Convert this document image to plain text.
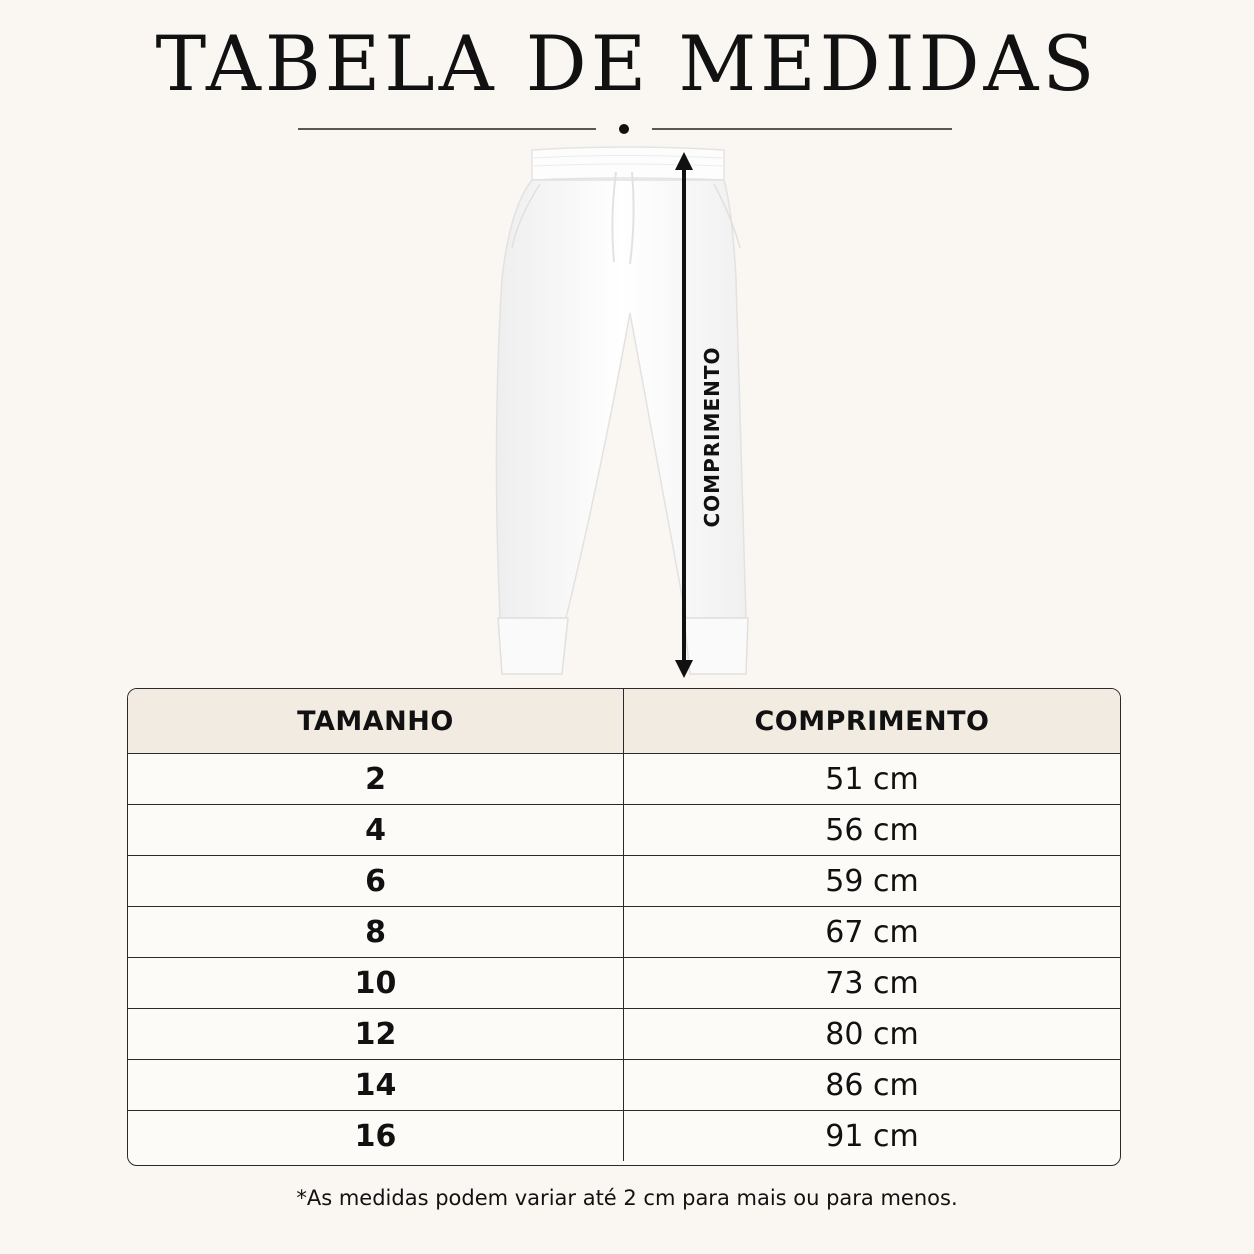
TABELA DE MEDIDAS
COMPRIMENTO
TAMANHO	COMPRIMENTO
2	51 cm
4	56 cm
6	59 cm
8	67 cm
10	73 cm
12	80 cm
14	86 cm
16	91 cm
*As medidas podem variar até 2 cm para mais ou para menos.
